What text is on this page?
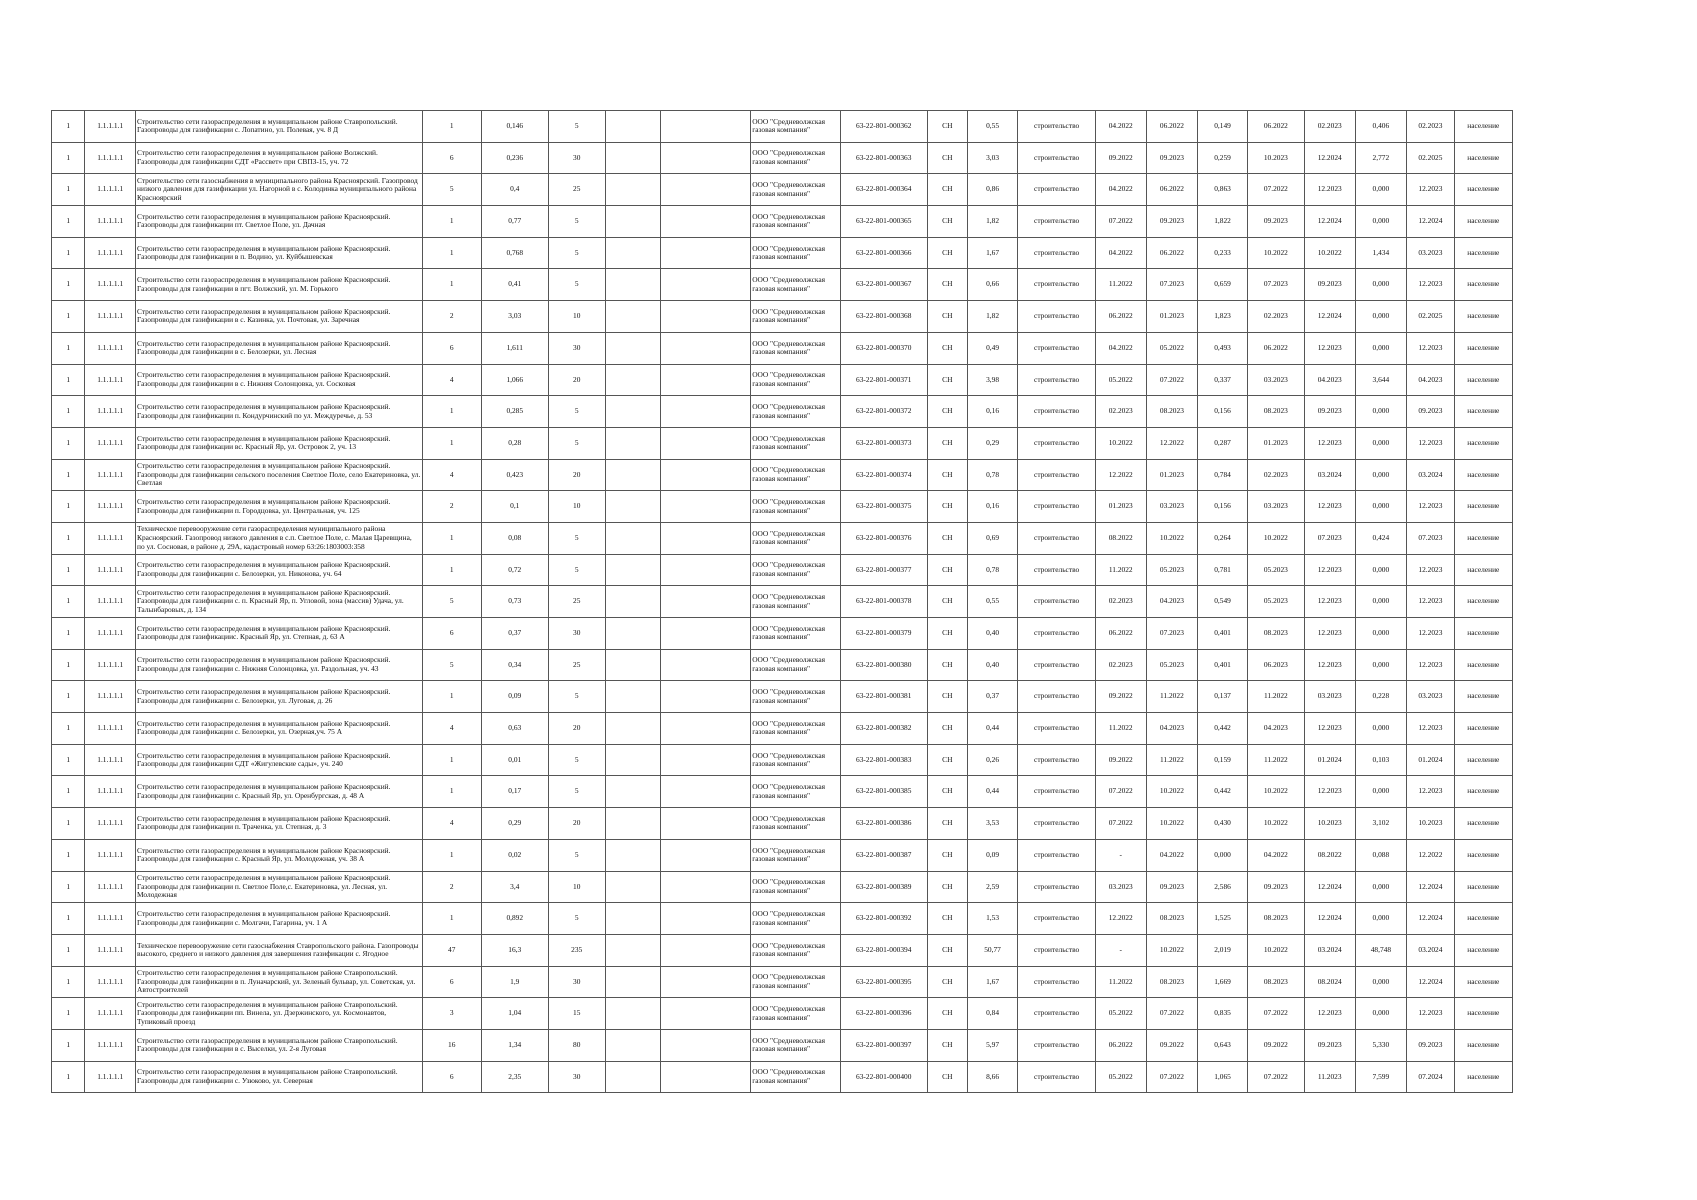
1	1.1.1.1.1	Строительство сети газораспределения в муниципальном районе Ставропольский. Газопроводы для газификации с. Лопатино, ул. Полевая, уч. 8 Д	1	0,146	5			ООО "Средневолжская газовая компания"	63-22-801-000362	СН	0,55	строительство	04.2022	06.2022	0,149	06.2022	02.2023	0,406	02.2023	население
1	1.1.1.1.1	Строительство сети газораспределения в муниципальном районе Волжский. Газопроводы для газификации СДТ «Рассвет» при СВПЗ-15, уч. 72	6	0,236	30			ООО "Средневолжская газовая компания"	63-22-801-000363	СН	3,03	строительство	09.2022	09.2023	0,259	10.2023	12.2024	2,772	02.2025	население
1	1.1.1.1.1	Строительство сети газоснабжения в муниципального района Красноярский. Газопровод низкого давления для газификации ул. Нагорной в с. Колодинка муниципального района Красноярский	5	0,4	25			ООО "Средневолжская газовая компания"	63-22-801-000364	СН	0,86	строительство	04.2022	06.2022	0,863	07.2022	12.2023	0,000	12.2023	население
1	1.1.1.1.1	Строительство сети газораспределения в муниципальном районе Красноярский. Газопроводы для газификации пт. Светлое Поле, ул. Дачная	1	0,77	5			ООО "Средневолжская газовая компания"	63-22-801-000365	СН	1,82	строительство	07.2022	09.2023	1,822	09.2023	12.2024	0,000	12.2024	население
1	1.1.1.1.1	Строительство сети газораспределения в муниципальном районе Красноярский. Газопроводы для газификации в п. Водино, ул. Куйбышевская	1	0,768	5			ООО "Средневолжская газовая компания"	63-22-801-000366	СН	1,67	строительство	04.2022	06.2022	0,233	10.2022	10.2022	1,434	03.2023	население
1	1.1.1.1.1	Строительство сети газораспределения в муниципальном районе Красноярский. Газопроводы для газификации в пгт. Волжский, ул. М. Горького	1	0,41	5			ООО "Средневолжская газовая компания"	63-22-801-000367	СН	0,66	строительство	11.2022	07.2023	0,659	07.2023	09.2023	0,000	12.2023	население
1	1.1.1.1.1	Строительство сети газораспределения в муниципальном районе Красноярский. Газопроводы для газификации в с. Казинка, ул. Почтовая, ул. Заречная	2	3,03	10			ООО "Средневолжская газовая компания"	63-22-801-000368	СН	1,82	строительство	06.2022	01.2023	1,823	02.2023	12.2024	0,000	02.2025	население
1	1.1.1.1.1	Строительство сети газораспределения в муниципальном районе Красноярский. Газопроводы для газификации в с. Белозерки, ул. Лесная	6	1,611	30			ООО "Средневолжская газовая компания"	63-22-801-000370	СН	0,49	строительство	04.2022	05.2022	0,493	06.2022	12.2023	0,000	12.2023	население
1	1.1.1.1.1	Строительство сети газораспределения в муниципальном районе Красноярский. Газопроводы для газификации в с. Нижняя Солонцовка, ул. Сосковая	4	1,066	20			ООО "Средневолжская газовая компания"	63-22-801-000371	СН	3,98	строительство	05.2022	07.2022	0,337	03.2023	04.2023	3,644	04.2023	население
1	1.1.1.1.1	Строительство сети газораспределения в муниципальном районе Красноярский. Газопроводы для газификации п. Кондурчинский по ул. Междуречье, д. 53	1	0,285	5			ООО "Средневолжская газовая компания"	63-22-801-000372	СН	0,16	строительство	02.2023	08.2023	0,156	08.2023	09.2023	0,000	09.2023	население
1	1.1.1.1.1	Строительство сети газораспределения в муниципальном районе Красноярский. Газопроводы для газификации вс. Красный Яр, ул. Островок 2, уч. 13	1	0,28	5			ООО "Средневолжская газовая компания"	63-22-801-000373	СН	0,29	строительство	10.2022	12.2022	0,287	01.2023	12.2023	0,000	12.2023	население
1	1.1.1.1.1	Строительство сети газораспределения в муниципальном районе Красноярский. Газопроводы для газификации сельского поселения Светлое Поле, село Екатериновка, ул. Светлая	4	0,423	20			ООО "Средневолжская газовая компания"	63-22-801-000374	СН	0,78	строительство	12.2022	01.2023	0,784	02.2023	03.2024	0,000	03.2024	население
1	1.1.1.1.1	Строительство сети газораспределения в муниципальном районе Красноярский. Газопроводы для газификации п. Городцовка, ул. Центральная, уч. 125	2	0,1	10			ООО "Средневолжская газовая компания"	63-22-801-000375	СН	0,16	строительство	01.2023	03.2023	0,156	03.2023	12.2023	0,000	12.2023	население
1	1.1.1.1.1	Техническое перевооружение сети газораспределения муниципального района Красноярский. Газопровод низкого давления в с.п. Светлое Поле, с. Малая Царевщина, по ул. Сосновая, в районе д. 29А, кадастровый номер 63:26:1803003:358	1	0,08	5			ООО "Средневолжская газовая компания"	63-22-801-000376	СН	0,69	строительство	08.2022	10.2022	0,264	10.2022	07.2023	0,424	07.2023	население
1	1.1.1.1.1	Строительство сети газораспределения в муниципальном районе Красноярский. Газопроводы для газификации с. Белозерки, ул. Никонова, уч. 64	1	0,72	5			ООО "Средневолжская газовая компания"	63-22-801-000377	СН	0,78	строительство	11.2022	05.2023	0,781	05.2023	12.2023	0,000	12.2023	население
1	1.1.1.1.1	Строительство сети газораспределения в муниципальном районе Красноярский. Газопроводы для газификации с. п. Красный Яр, п. Угловой, зона (массив) Удача, ул. Талынбаровых, д. 134	5	0,73	25			ООО "Средневолжская газовая компания"	63-22-801-000378	СН	0,55	строительство	02.2023	04.2023	0,549	05.2023	12.2023	0,000	12.2023	население
1	1.1.1.1.1	Строительство сети газораспределения в муниципальном районе Красноярский. Газопроводы для газификациис. Красный Яр, ул. Степная, д. 63 А	6	0,37	30			ООО "Средневолжская газовая компания"	63-22-801-000379	СН	0,40	строительство	06.2022	07.2023	0,401	08.2023	12.2023	0,000	12.2023	население
1	1.1.1.1.1	Строительство сети газораспределения в муниципальном районе Красноярский. Газопроводы для газификации с. Нижняя Солонцовка, ул. Раздольная, уч. 43	5	0,34	25			ООО "Средневолжская газовая компания"	63-22-801-000380	СН	0,40	строительство	02.2023	05.2023	0,401	06.2023	12.2023	0,000	12.2023	население
1	1.1.1.1.1	Строительство сети газораспределения в муниципальном районе Красноярский. Газопроводы для газификации с. Белозерки, ул. Луговая, д. 26	1	0,09	5			ООО "Средневолжская газовая компания"	63-22-801-000381	СН	0,37	строительство	09.2022	11.2022	0,137	11.2022	03.2023	0,228	03.2023	население
1	1.1.1.1.1	Строительство сети газораспределения в муниципальном районе Красноярский. Газопроводы для газификации с. Белозерки, ул. Озерная,уч. 75 А	4	0,63	20			ООО "Средневолжская газовая компания"	63-22-801-000382	СН	0,44	строительство	11.2022	04.2023	0,442	04.2023	12.2023	0,000	12.2023	население
1	1.1.1.1.1	Строительство сети газораспределения в муниципальном районе Красноярский. Газопроводы для газификации СДТ «Жигулевские сады», уч. 240	1	0,01	5			ООО "Средневолжская газовая компания"	63-22-801-000383	СН	0,26	строительство	09.2022	11.2022	0,159	11.2022	01.2024	0,103	01.2024	население
1	1.1.1.1.1	Строительство сети газораспределения в муниципальном районе Красноярский. Газопроводы для газификации с. Красный Яр, ул. Оренбургская, д. 48 А	1	0,17	5			ООО "Средневолжская газовая компания"	63-22-801-000385	СН	0,44	строительство	07.2022	10.2022	0,442	10.2022	12.2023	0,000	12.2023	население
1	1.1.1.1.1	Строительство сети газораспределения в муниципальном районе Красноярский. Газопроводы для газификации п. Траченка, ул. Степная, д. 3	4	0,29	20			ООО "Средневолжская газовая компания"	63-22-801-000386	СН	3,53	строительство	07.2022	10.2022	0,430	10.2022	10.2023	3,102	10.2023	население
1	1.1.1.1.1	Строительство сети газораспределения в муниципальном районе Красноярский. Газопроводы для газификации с. Красный Яр, ул. Молодежная, уч. 38 А	1	0,02	5			ООО "Средневолжская газовая компания"	63-22-801-000387	СН	0,09	строительство	-	04.2022	0,000	04.2022	08.2022	0,088	12.2022	население
1	1.1.1.1.1	Строительство сети газораспределения в муниципальном районе Красноярский. Газопроводы для газификации п. Светлое Поле,с. Екатериновка, ул. Лесная, ул. Молодежная	2	3,4	10			ООО "Средневолжская газовая компания"	63-22-801-000389	СН	2,59	строительство	03.2023	09.2023	2,586	09.2023	12.2024	0,000	12.2024	население
1	1.1.1.1.1	Строительство сети газораспределения в муниципальном районе Красноярский. Газопроводы для газификации с. Молгачи, Гагарина, уч. 1 А	1	0,892	5			ООО "Средневолжская газовая компания"	63-22-801-000392	СН	1,53	строительство	12.2022	08.2023	1,525	08.2023	12.2024	0,000	12.2024	население
1	1.1.1.1.1	Техническое перевооружение сети газоснабжения Ставропольского района. Газопроводы высокого, среднего и низкого давления для завершения газификации с. Ягодное	47	16,3	235			ООО "Средневолжская газовая компания"	63-22-801-000394	СН	50,77	строительство	-	10.2022	2,019	10.2022	03.2024	48,748	03.2024	население
1	1.1.1.1.1	Строительство сети газораспределения в муниципальном районе Ставропольский. Газопроводы для газификации в п. Луначарский, ул. Зеленый бульвар, ул. Советская, ул. Автостроителей	6	1,9	30			ООО "Средневолжская газовая компания"	63-22-801-000395	СН	1,67	строительство	11.2022	08.2023	1,669	08.2023	08.2024	0,000	12.2024	население
1	1.1.1.1.1	Строительство сети газораспределения в муниципальном районе Ставропольский. Газопроводы для газификации пп. Винела, ул. Дзержинского, ул. Космонавтов, Тупиковый проезд	3	1,04	15			ООО "Средневолжская газовая компания"	63-22-801-000396	СН	0,84	строительство	05.2022	07.2022	0,835	07.2022	12.2023	0,000	12.2023	население
1	1.1.1.1.1	Строительство сети газораспределения в муниципальном районе Ставропольский. Газопроводы для газификации в с. Выселки, ул. 2-я Луговая	16	1,34	80			ООО "Средневолжская газовая компания"	63-22-801-000397	СН	5,97	строительство	06.2022	09.2022	0,643	09.2022	09.2023	5,330	09.2023	население
1	1.1.1.1.1	Строительство сети газораспределения в муниципальном районе Ставропольский. Газопроводы для газификации с. Узюково, ул. Северная	6	2,35	30			ООО "Средневолжская газовая компания"	63-22-801-000400	СН	8,66	строительство	05.2022	07.2022	1,065	07.2022	11.2023	7,599	07.2024	население
